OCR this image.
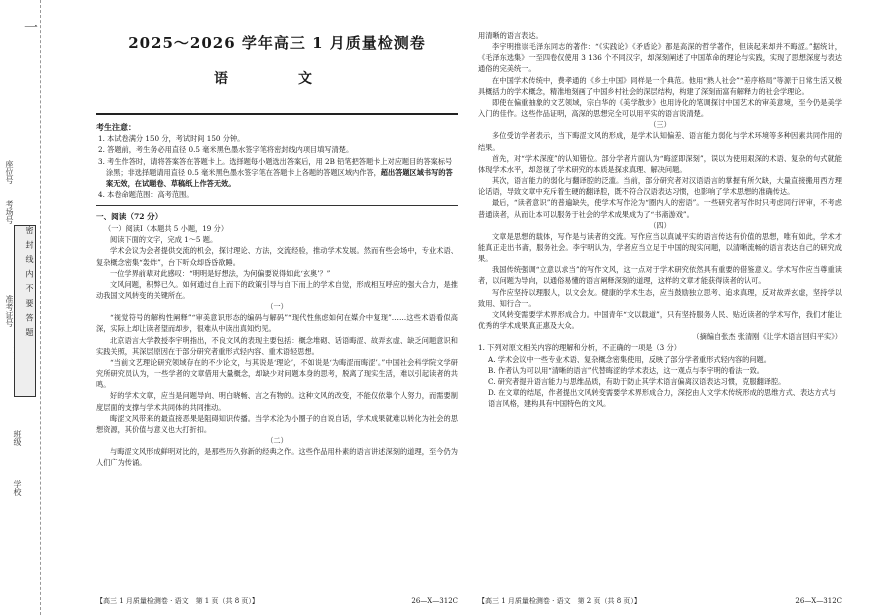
一
学校
班级
准考证号
考场号
座位号
密 封 线 内 不 要 答 题
2025～2026 学年高三 1 月质量检测卷
语　文
考生注意：

1. 本试卷满分 150 分，考试时间 150 分钟。

2. 答题前，考生务必用直径 0.5 毫米黑色墨水签字笔将密封线内项目填写清楚。

3. 考生作答时，请将答案答在答题卡上。选择题每小题选出答案后，用 2B 铅笔把答题卡上对应题目的答案标号涂黑；非选择题请用直径 0.5 毫米黑色墨水签字笔在答题卡上各题的答题区域内作答，超出答题区域书写的答案无效，在试题卷、草稿纸上作答无效。

4. 本卷命题范围：高考范围。

一、阅读（72 分）

（一）阅读Ⅰ（本题共 5 小题，19 分）

阅读下面的文字，完成 1～5 题。

学术会议为会者提供交流的机会，探讨理论、方法，交流经验，推动学术发展。然而有些会场中，专业术语、复杂概念密集“轰炸”，台下听众却昏昏欲睡。

一位学界前辈对此感叹：“明明是好想法，为何偏要说得如此‘玄奥’？”

文风问题，积弊已久。如何通过自上而下的政策引导与自下而上的学术自觉，形成相互呼应的强大合力，是推动我国文风转变的关键所在。

（一）

“视觉符号的解构性阐释”“审美意识形态的编码与解码”“现代性焦虑如何在媒介中复现”……这些术语看似高深，实际上却让读者望而却步，很难从中读出真知灼见。

北京语言大学教授李宇明指出，不良文风的表现主要包括：概念堆砌、话语晦涩、故弄玄虚、缺乏问题意识和实践关照，其深层原因在于部分研究者重形式轻内容、重术语轻思想。

“当前文艺理论研究领域存在的不少论文，与其说是‘理论’，不如说是‘为晦涩而晦涩’。”中国社会科学院文学研究所研究员认为，一些学者的文章借用大量概念，却缺少对问题本身的思考，脱离了现实生活，难以引起读者的共鸣。

好的学术文章，应当是问题导向、明白晓畅、言之有物的。这种文风的改变，不能仅依靠个人努力，而需要制度层面的支撑与学术共同体的共同推动。

晦涩文风带来的最直接恶果是阻碍知识传播。当学术沦为小圈子的自说自话，学术成果就难以转化为社会的思想资源，其价值与意义也大打折扣。

（二）

与晦涩文风形成鲜明对比的，是那些历久弥新的经典之作。这些作品用朴素的语言讲述深刻的道理，至今仍为人们广为传诵。

【高三 1 月质量检测卷 · 语文　第 1 页（共 8 页）】	26—X—312C

用清晰的语言表达。

李宇明推崇毛泽东同志的著作：“《实践论》《矛盾论》都是高深的哲学著作，但读起来却并不晦涩。”据统计，《毛泽东选集》一至四卷仅使用 3 136 个不同汉字，却深刻阐述了中国革命的理论与实践，实现了思想深度与表达通俗的完美统一。

在中国学术传统中，费孝通的《乡土中国》同样是一个典范。他用“熟人社会”“差序格局”等源于日常生活又极具概括力的学术概念，精准地刻画了中国乡村社会的深层结构，构建了深刻而富有解释力的社会学理论。

即使在偏重抽象的文艺领域，宗白华的《美学散步》也用诗化的笔调探讨中国艺术的审美意境，至今仍是美学入门的佳作。这些作品证明，高深的思想完全可以用平实的语言说清楚。

（三）

多位受访学者表示，当下晦涩文风的形成，是学术认知偏差、语言能力弱化与学术环境等多种因素共同作用的结果。

首先，对“学术深度”的认知错位。部分学者片面认为“晦涩即深刻”，误以为使用艰深的术语、复杂的句式就能体现学术水平，却忽视了学术研究的本质是探求真理、解决问题。

其次，语言能力的弱化与翻译腔的泛滥。当前，部分研究者对汉语语言的掌握有所欠缺，大量直接搬用西方理论话语，导致文章中充斥着生硬的翻译腔，既不符合汉语表达习惯，也影响了学术思想的准确传达。

最后，“读者意识”的普遍缺失，使学术写作沦为“圈内人的密语”。一些研究者写作时只考虑同行评审，不考虑普通读者，从而让本可以服务于社会的学术成果成为了“书斋游戏”。

（四）

文章是思想的载体，写作是与读者的交流。写作应当以真诚平实的语言传达有价值的思想，唯有如此，学术才能真正走出书斋，服务社会。李宇明认为，学者应当立足于中国的现实问题，以清晰流畅的语言表达自己的研究成果。

我国传统强调“立意以求当”的写作文风，这一点对于学术研究依然具有重要的借鉴意义。学术写作应当尊重读者，以问题为导向，以通俗易懂的语言阐释深刻的道理，这样的文章才能获得读者的认可。

写作应坚持以理服人，以文会友。健康的学术生态，应当鼓励独立思考、追求真理，反对故弄玄虚，坚持学以致用、知行合一。

文风转变需要学术界形成合力。中国青年“文以载道”，只有坚持服务人民、贴近读者的学术写作，我们才能让优秀的学术成果真正惠及大众。

（摘编自张杰 张清刚《让学术语言回归平实》）

1. 下列对原文相关内容的理解和分析，不正确的一项是（3 分）

A. 学术会议中一些专业术语、复杂概念密集使用，反映了部分学者重形式轻内容的问题。

B. 作者认为可以用“清晰的语言”代替晦涩的学术表达，这一观点与李宇明的看法一致。

C. 研究者提升语言能力与思维品质，有助于防止其学术语言偏离汉语表达习惯，克服翻译腔。

D. 在文章的结尾，作者提出文风转变需要学术界形成合力，深挖由人文学术传统形成的思维方式、表达方式与语言风格，建构具有中国特色的文风。

【高三 1 月质量检测卷 · 语文　第 2 页（共 8 页）】	26—X—312C
